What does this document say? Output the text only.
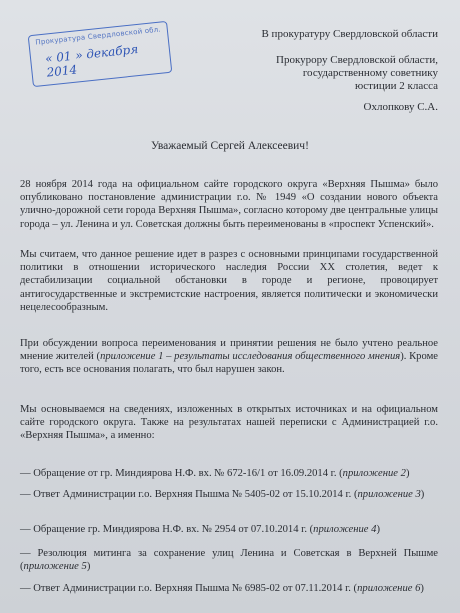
Прокуратура Свердловской обл.
« 01 » декабря 2014
В прокуратуру Свердловской области
Прокурору Свердловской области,
государственному советнику
юстиции 2 класса
Охлопкову С.А.
Уважаемый Сергей Алексеевич!
28 ноября 2014 года на официальном сайте городского округа «Верхняя Пышма» было опубликовано постановление администрации г.о. № 1949 «О создании нового объекта улично-дорожной сети города Верхняя Пышма», согласно которому две центральные улицы города – ул. Ленина и ул. Советская должны быть переименованы в «проспект Успенский».
Мы считаем, что данное решение идет в разрез с основными принципами государственной политики в отношении исторического наследия России XX столетия, ведет к дестабилизации социальной обстановки в городе и регионе, провоцирует антигосударственные и экстремистские настроения, является политически и экономически нецелесообразным.
При обсуждении вопроса переименования и принятии решения не было учтено реальное мнение жителей (приложение 1 – результаты исследования общественного мнения). Кроме того, есть все основания полагать, что был нарушен закон.
Мы основываемся на сведениях, изложенных в открытых источниках и на официальном сайте городского округа. Также на результатах нашей переписки с Администрацией г.о. «Верхняя Пышма», а именно:
— Обращение от гр. Миндиярова Н.Ф. вх. № 672-16/1 от 16.09.2014 г. (приложение 2)
— Ответ Администрации г.о. Верхняя Пышма № 5405-02 от 15.10.2014 г. (приложение 3)
— Обращение гр. Миндиярова Н.Ф. вх. № 2954 от 07.10.2014 г. (приложение 4)
— Резолюция митинга за сохранение улиц Ленина и Советская в Верхней Пышме (приложение 5)
— Ответ Администрации г.о. Верхняя Пышма № 6985-02 от 07.11.2014 г. (приложение 6)
